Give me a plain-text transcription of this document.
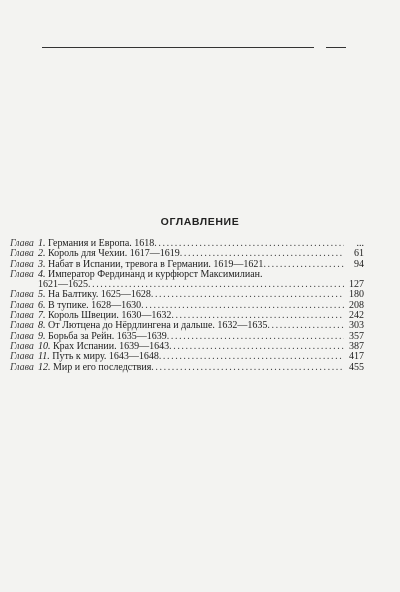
ОГЛАВЛЕНИЕ
Глава 1. Германия и Европа. 1618 .....	...
Глава 2. Король для Чехии. 1617—1619 .....	61
Глава 3. Набат в Испании, тревога в Германии. 1619—1621 .....	94
Глава 4. Император Фердинанд и курфюрст Максимилиан.
1621—1625 .....	127
Глава 5. На Балтику. 1625—1628 .....	180
Глава 6. В тупике. 1628—1630 .....	208
Глава 7. Король Швеции. 1630—1632 .....	242
Глава 8. От Лютцена до Нёрдлингена и дальше. 1632—1635 .....	303
Глава 9. Борьба за Рейн. 1635—1639 .....	357
Глава 10. Крах Испании. 1639—1643 .....	387
Глава 11. Путь к миру. 1643—1648 .....	417
Глава 12. Мир и его последствия .....	455
